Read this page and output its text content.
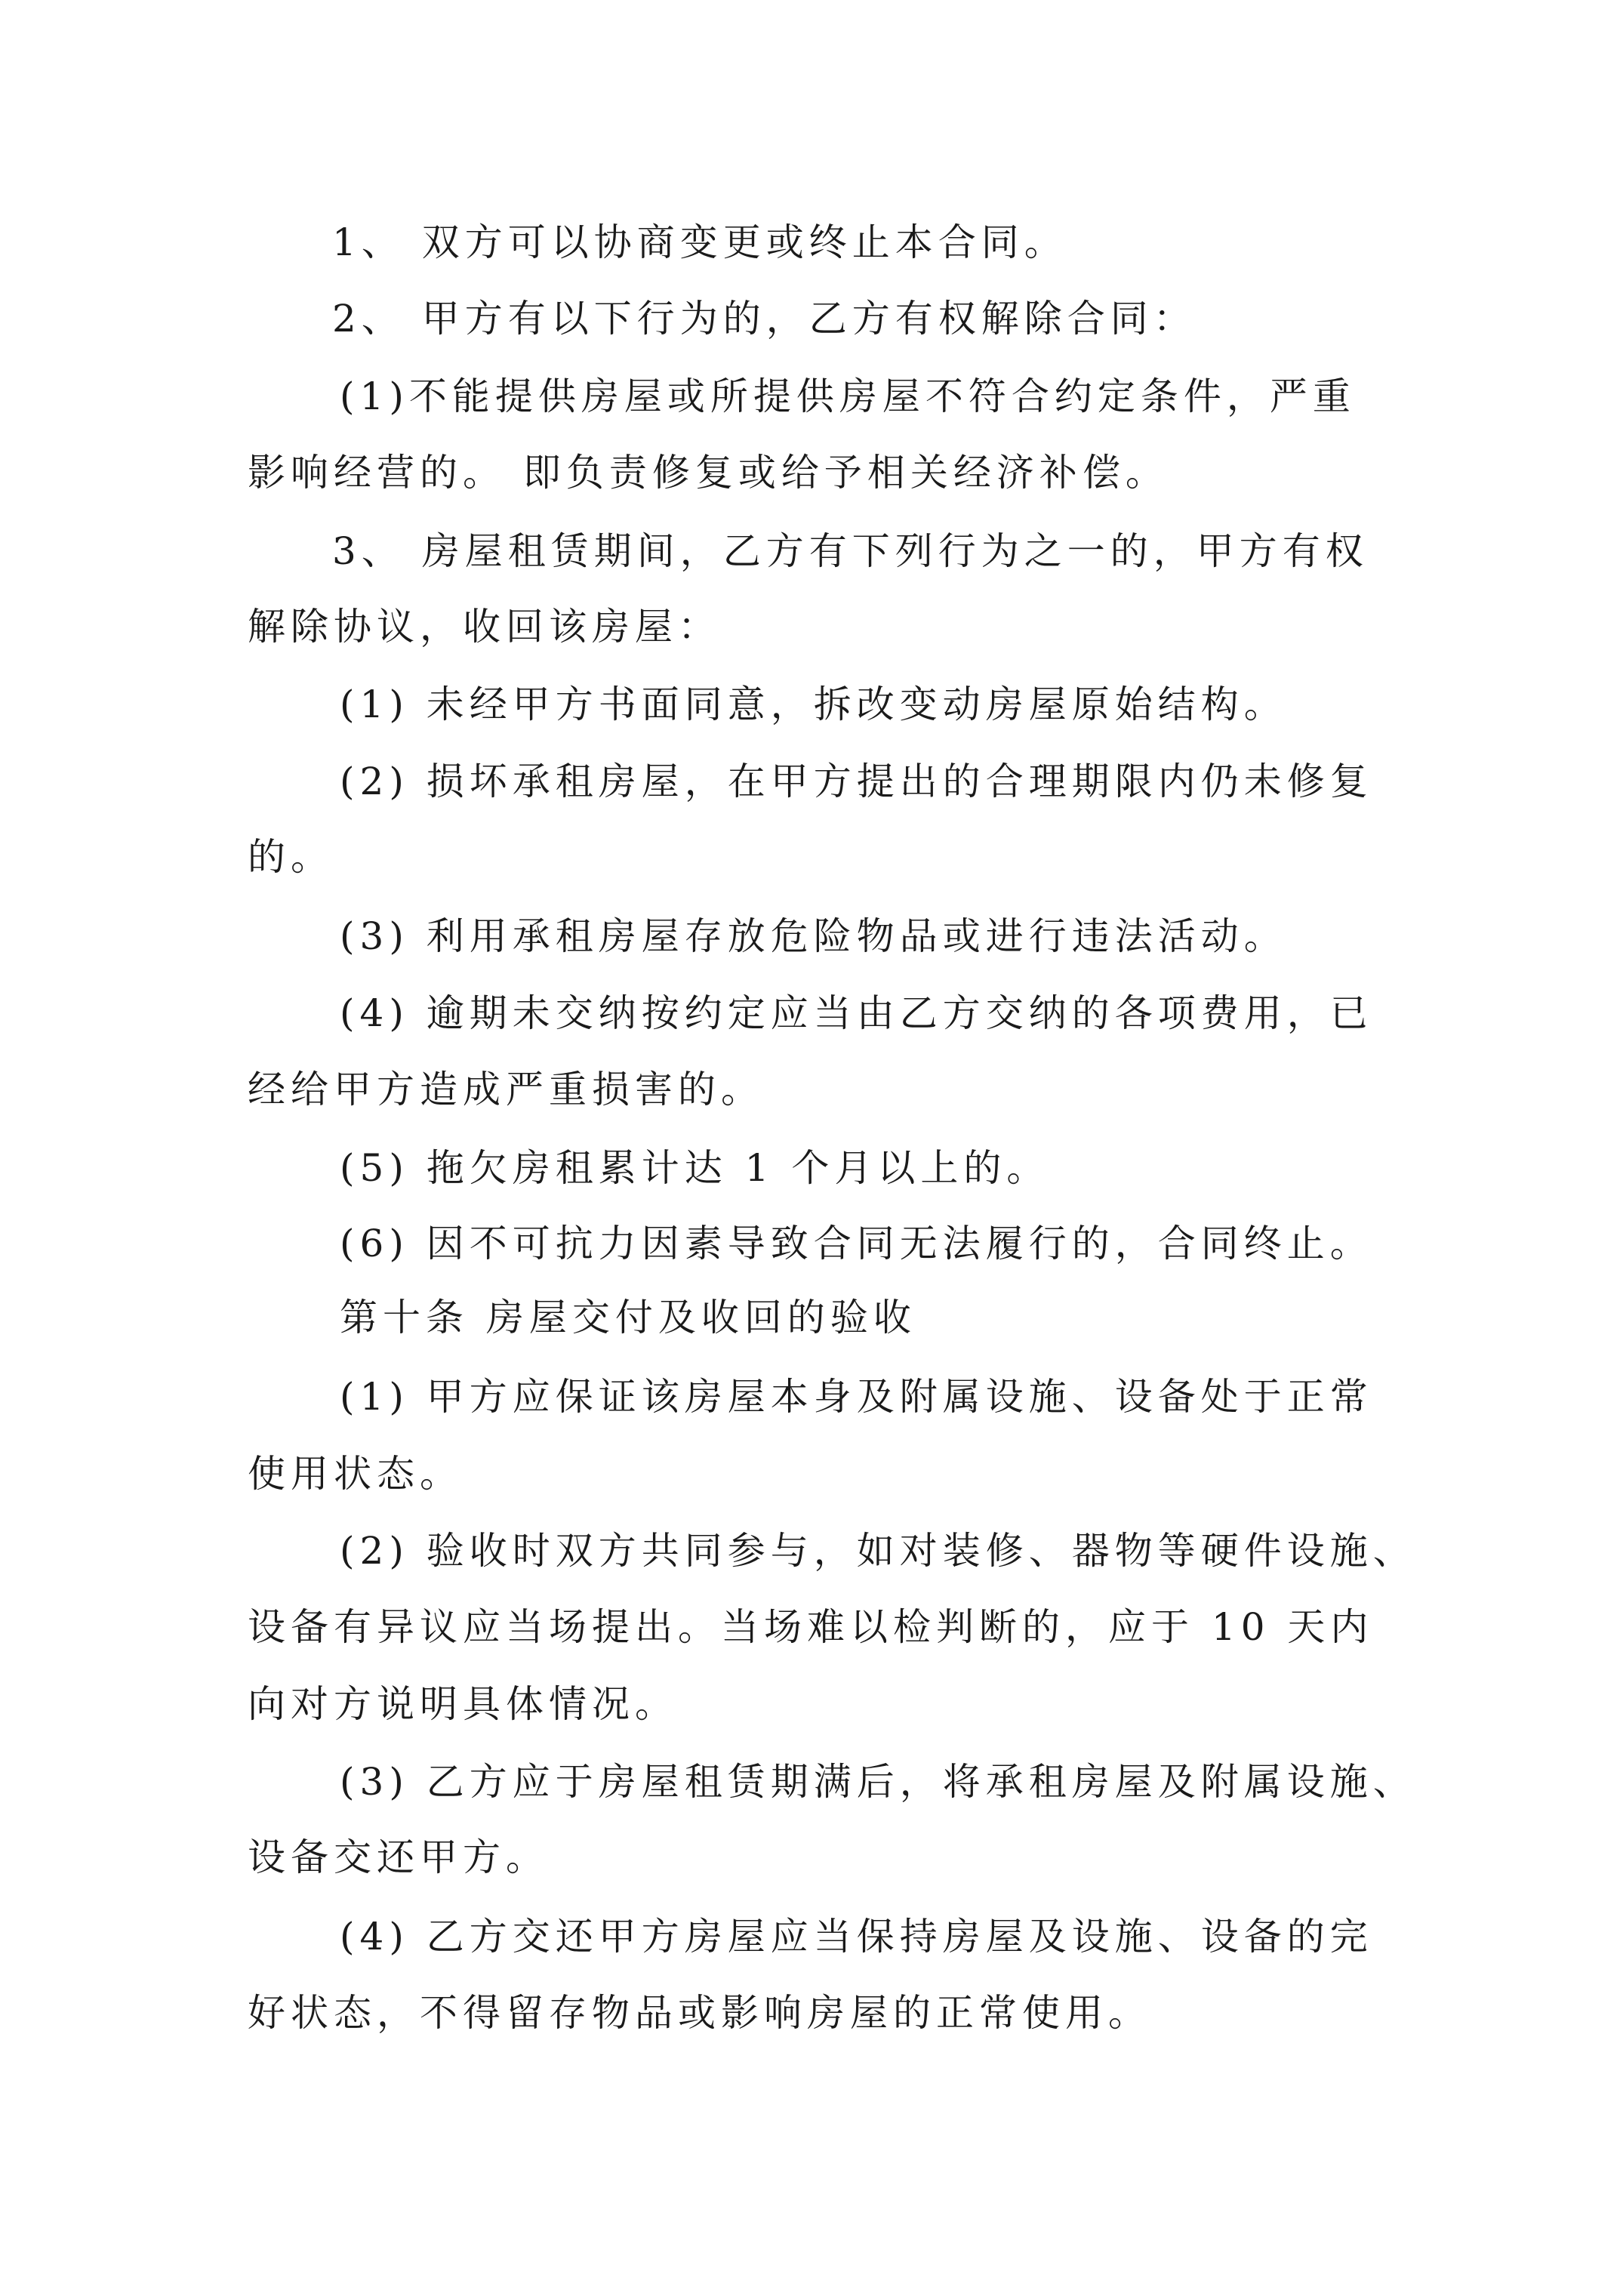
1、 双方可以协商变更或终止本合同。
2、 甲方有以下行为的，乙方有权解除合同：
(1)不能提供房屋或所提供房屋不符合约定条件，严重
影响经营的。 即负责修复或给予相关经济补偿。
3、 房屋租赁期间，乙方有下列行为之一的，甲方有权
解除协议，收回该房屋：
(1) 未经甲方书面同意，拆改变动房屋原始结构。
(2) 损坏承租房屋，在甲方提出的合理期限内仍未修复
的。
(3) 利用承租房屋存放危险物品或进行违法活动。
(4) 逾期未交纳按约定应当由乙方交纳的各项费用，已
经给甲方造成严重损害的。
(5) 拖欠房租累计达 1 个月以上的。
(6) 因不可抗力因素导致合同无法履行的，合同终止。
第十条 房屋交付及收回的验收
(1) 甲方应保证该房屋本身及附属设施、设备处于正常
使用状态。
(2) 验收时双方共同参与，如对装修、器物等硬件设施、
设备有异议应当场提出。当场难以检判断的，应于 10 天内
向对方说明具体情况。
(3) 乙方应于房屋租赁期满后，将承租房屋及附属设施、
设备交还甲方。
(4) 乙方交还甲方房屋应当保持房屋及设施、设备的完
好状态，不得留存物品或影响房屋的正常使用。
